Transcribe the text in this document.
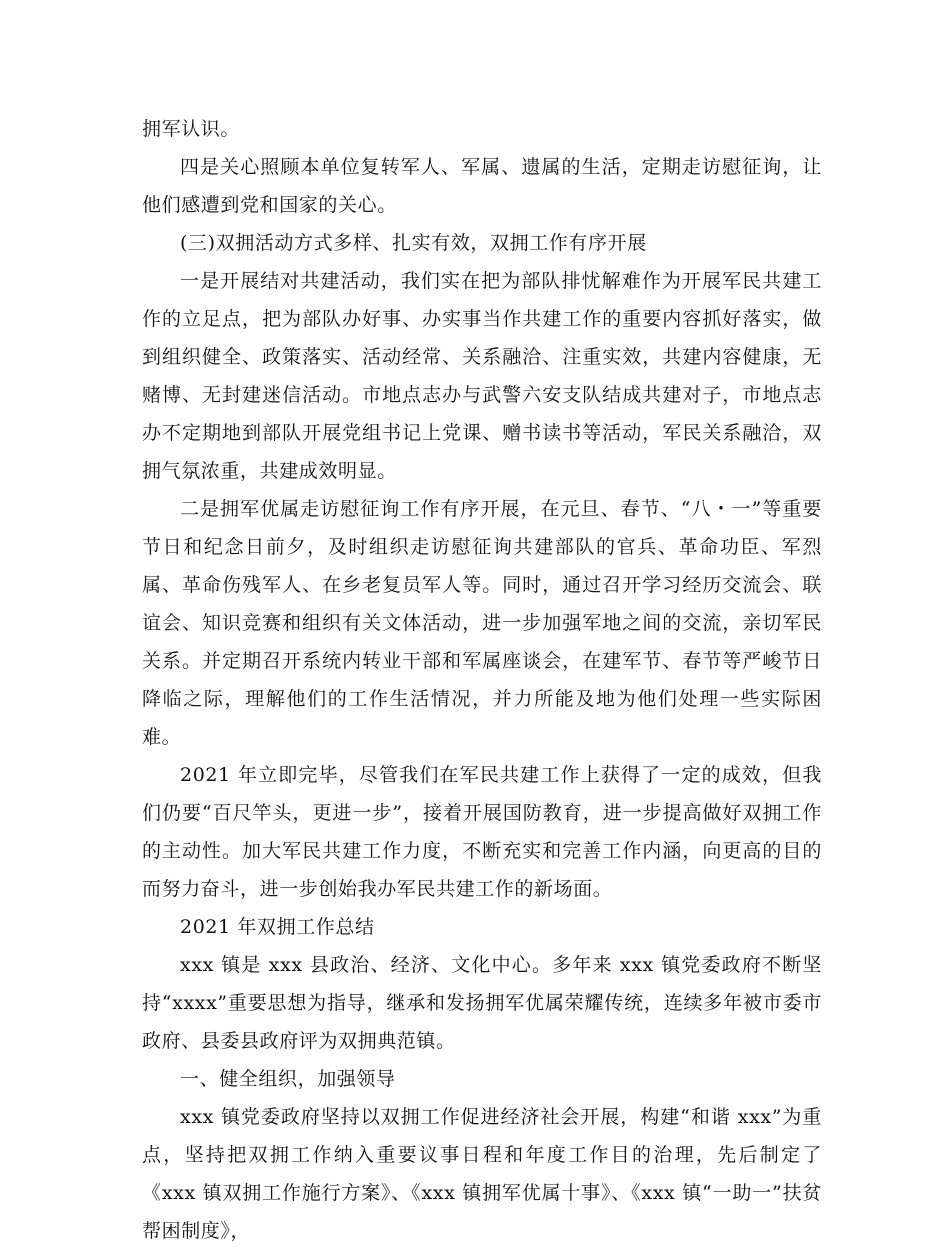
拥军认识。

四是关心照顾本单位复转军人、军属、遗属的生活，定期走访慰征询，让他们感遭到党和国家的关心。

(三)双拥活动方式多样、扎实有效，双拥工作有序开展

一是开展结对共建活动，我们实在把为部队排忧解难作为开展军民共建工作的立足点，把为部队办好事、办实事当作共建工作的重要内容抓好落实，做到组织健全、政策落实、活动经常、关系融洽、注重实效，共建内容健康，无赌博、无封建迷信活动。市地点志办与武警六安支队结成共建对子，市地点志办不定期地到部队开展党组书记上党课、赠书读书等活动，军民关系融洽，双拥气氛浓重，共建成效明显。

二是拥军优属走访慰征询工作有序开展，在元旦、春节、“八・一”等重要节日和纪念日前夕，及时组织走访慰征询共建部队的官兵、革命功臣、军烈属、革命伤残军人、在乡老复员军人等。同时，通过召开学习经历交流会、联谊会、知识竞赛和组织有关文体活动，进一步加强军地之间的交流，亲切军民关系。并定期召开系统内转业干部和军属座谈会，在建军节、春节等严峻节日降临之际，理解他们的工作生活情况，并力所能及地为他们处理一些实际困难。

2021 年立即完毕，尽管我们在军民共建工作上获得了一定的成效，但我们仍要“百尺竿头，更进一步”，接着开展国防教育，进一步提高做好双拥工作的主动性。加大军民共建工作力度，不断充实和完善工作内涵，向更高的目的而努力奋斗，进一步创始我办军民共建工作的新场面。

2021 年双拥工作总结

xxx 镇是 xxx 县政治、经济、文化中心。多年来 xxx 镇党委政府不断坚持“xxxx”重要思想为指导，继承和发扬拥军优属荣耀传统，连续多年被市委市政府、县委县政府评为双拥典范镇。

一、健全组织，加强领导

xxx 镇党委政府坚持以双拥工作促进经济社会开展，构建“和谐 xxx”为重点，坚持把双拥工作纳入重要议事日程和年度工作目的治理，先后制定了《xxx 镇双拥工作施行方案》、《xxx 镇拥军优属十事》、《xxx 镇“一助一”扶贫帮困制度》，
